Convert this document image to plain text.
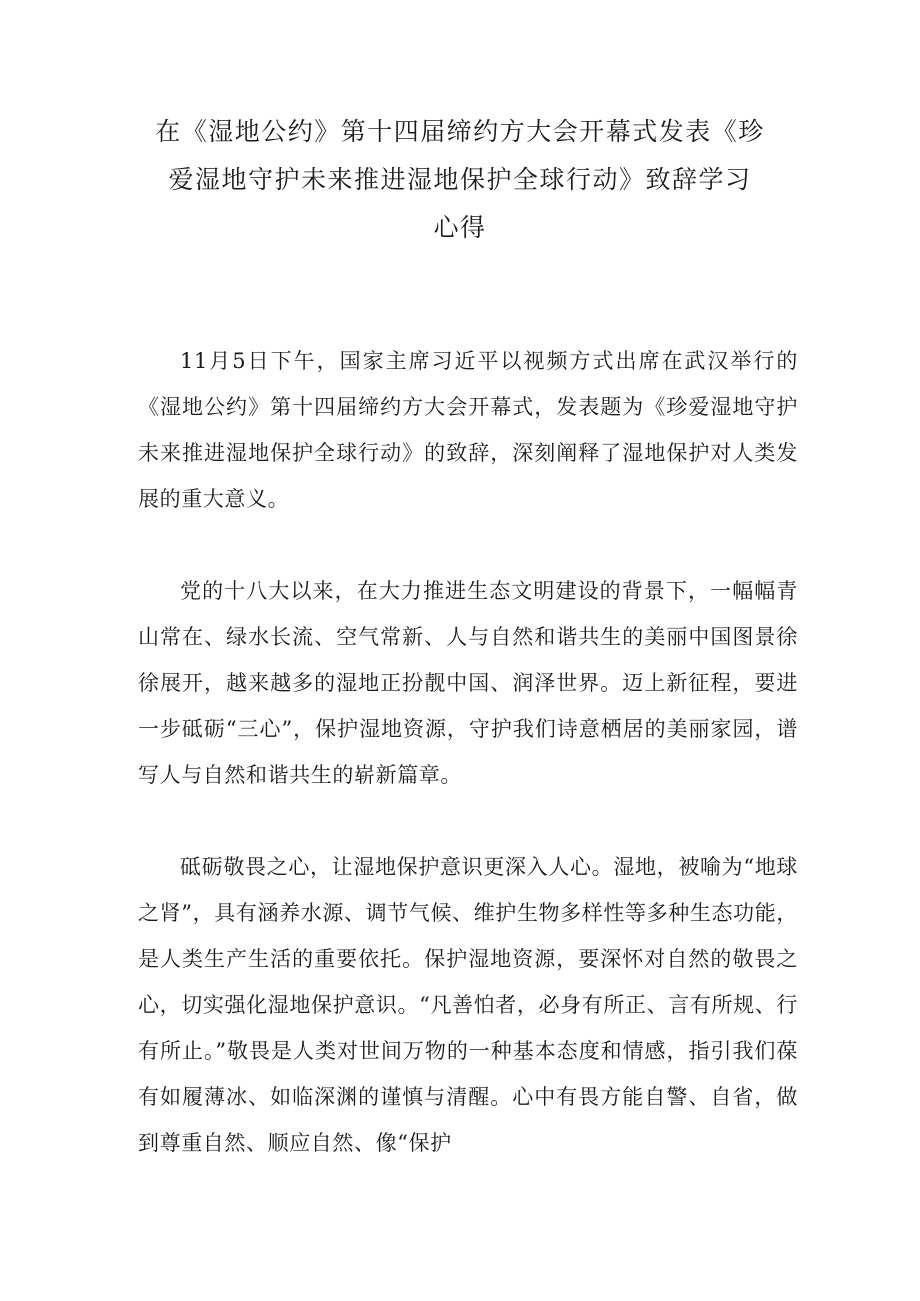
在《湿地公约》第十四届缔约方大会开幕式发表《珍
爱湿地守护未来推进湿地保护全球行动》致辞学习
心得

11月5日下午，国家主席习近平以视频方式出席在武汉举行的《湿地公约》第十四届缔约方大会开幕式，发表题为《珍爱湿地守护未来推进湿地保护全球行动》的致辞，深刻阐释了湿地保护对人类发展的重大意义。

党的十八大以来，在大力推进生态文明建设的背景下，一幅幅青山常在、绿水长流、空气常新、人与自然和谐共生的美丽中国图景徐徐展开，越来越多的湿地正扮靓中国、润泽世界。迈上新征程，要进一步砥砺“三心”，保护湿地资源，守护我们诗意栖居的美丽家园，谱写人与自然和谐共生的崭新篇章。

砥砺敬畏之心，让湿地保护意识更深入人心。湿地，被喻为“地球之肾”，具有涵养水源、调节气候、维护生物多样性等多种生态功能，是人类生产生活的重要依托。保护湿地资源，要深怀对自然的敬畏之心，切实强化湿地保护意识。“凡善怕者，必身有所正、言有所规、行有所止。”敬畏是人类对世间万物的一种基本态度和情感，指引我们葆有如履薄冰、如临深渊的谨慎与清醒。心中有畏方能自警、自省，做到尊重自然、顺应自然、像“保护
